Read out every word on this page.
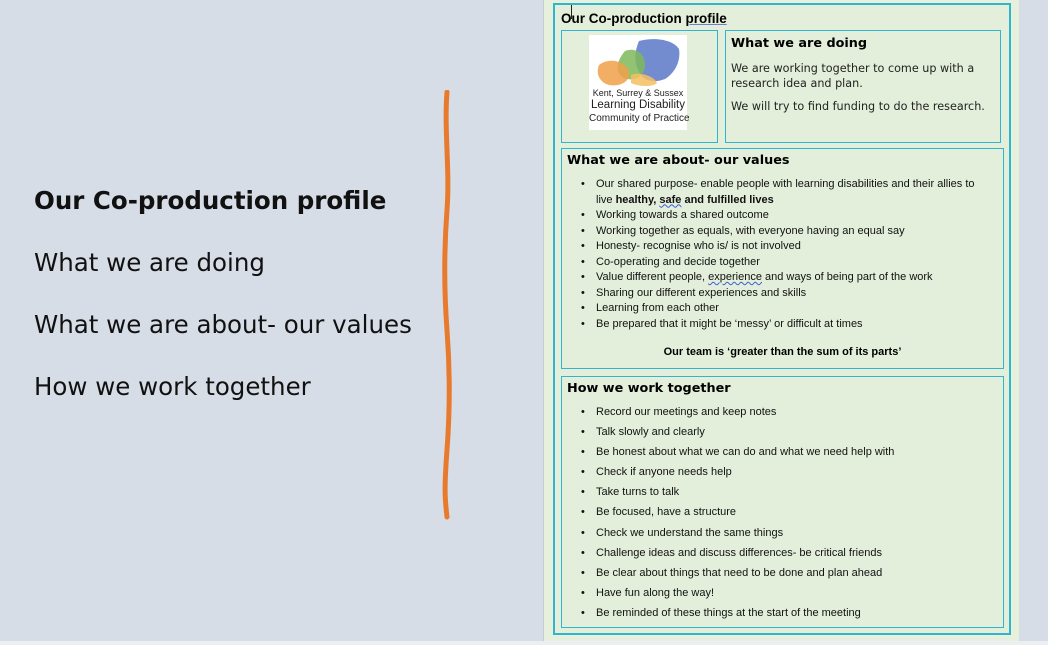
Our Co-production profile

What we are doing

What we are about- our values

How we work together

Our Co-production profile
Kent, Surrey & Sussex
Learning Disability
Community of Practice
What we are doing

We are working together to come up with a research idea and plan.

We will try to find funding to do the research.

What we are about- our values
• Our shared purpose- enable people with learning disabilities and their allies to live healthy, safe and fulfilled lives
• Working towards a shared outcome
• Working together as equals, with everyone having an equal say
• Honesty- recognise who is/ is not involved
• Co-operating and decide together
• Value different people, experience and ways of being part of the work
• Sharing our different experiences and skills
• Learning from each other
• Be prepared that it might be ‘messy’ or difficult at times

Our team is ‘greater than the sum of its parts’

How we work together
• Record our meetings and keep notes
• Talk slowly and clearly
• Be honest about what we can do and what we need help with
• Check if anyone needs help
• Take turns to talk
• Be focused, have a structure
• Check we understand the same things
• Challenge ideas and discuss differences- be critical friends
• Be clear about things that need to be done and plan ahead
• Have fun along the way!
• Be reminded of these things at the start of the meeting
